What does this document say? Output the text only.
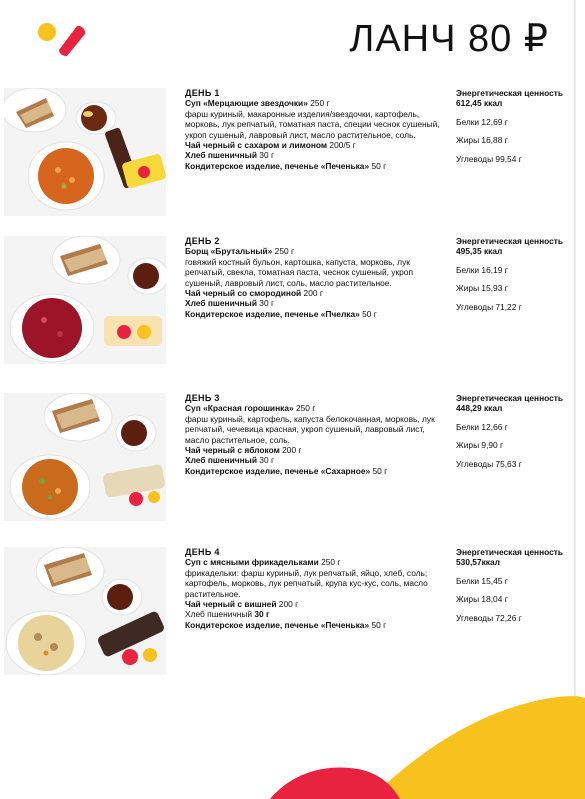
ЛАНЧ 80 ₽
ДЕНЬ 1
Суп «Мерцающие звездочки» 250 г
фарш куриный, макаронные изделия/звездочки, картофель, морковь, лук репчатый, томатная паста, специи чеснок сушеный, укроп сушеный, лавровый лист, масло растительное, соль.
Чай черный с сахаром и лимоном 200/5 г
Хлеб пшеничный 30 г
Кондитерское изделие, печенье «Печенька» 50 г
Энергетическая ценность 612,45 ккал
Белки 12,69 г
Жиры 16,88 г
Углеводы 99,54 г
ДЕНЬ 2
Борщ «Брутальный» 250 г
говяжий костный бульон, картошка, капуста, морковь, лук репчатый, свекла, томатная паста, чеснок сушеный, укроп сушеный, лавровый лист, соль, масло растительное.
Чай черный со смородиной 200 г
Хлеб пшеничный 30 г
Кондитерское изделие, печенье «Пчелка» 50 г
Энергетическая ценность 495,35 ккал
Белки 16,19 г
Жиры 15,93 г
Углеводы 71,22 г
ДЕНЬ 3
Суп «Красная горошинка» 250 г
фарш куриный, картофель, капуста белокочанная, морковь, лук репчатый, чечевица красная, укроп сушеный, лавровый лист, масло растительное, соль.
Чай черный с яблоком 200 г
Хлеб пшеничный 30 г
Кондитерское изделие, печенье «Сахарное» 50 г
Энергетическая ценность 448,29 ккал
Белки 12,66 г
Жиры 9,90 г
Углеводы 75,63 г
ДЕНЬ 4
Суп с мясными фрикадельками 250 г
фрикадельки: фарш куриный, лук репчатый, яйцо, хлеб, соль; картофель, морковь, лук репчатый, крупа кус-кус, соль, масло растительное.
Чай черный с вишней 200 г
Хлеб пшеничный 30 г
Кондитерское изделие, печенье «Печенька» 50 г
Энергетическая ценность 530,57ккал
Белки 15,45 г
Жиры 18,04 г
Углеводы 72,26 г
